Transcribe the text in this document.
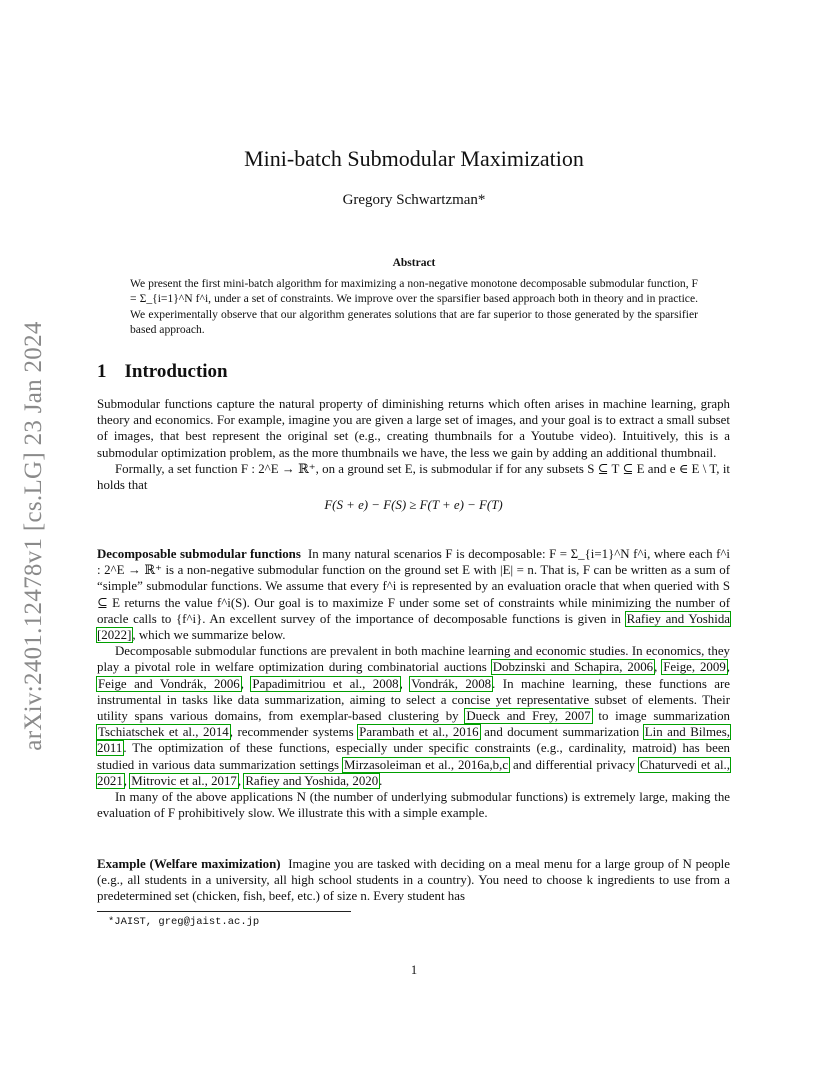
arXiv:2401.12478v1 [cs.LG] 23 Jan 2024
Mini-batch Submodular Maximization
Gregory Schwartzman*
Abstract
We present the first mini-batch algorithm for maximizing a non-negative monotone decomposable submodular function, F = Σ_{i=1}^N f^i, under a set of constraints. We improve over the sparsifier based approach both in theory and in practice. We experimentally observe that our algorithm generates solutions that are far superior to those generated by the sparsifier based approach.
1 Introduction

Submodular functions capture the natural property of diminishing returns which often arises in machine learning, graph theory and economics. For example, imagine you are given a large set of images, and your goal is to extract a small subset of images, that best represent the original set (e.g., creating thumbnails for a Youtube video). Intuitively, this is a submodular optimization problem, as the more thumbnails we have, the less we gain by adding an additional thumbnail.

Formally, a set function F : 2^E → ℝ⁺, on a ground set E, is submodular if for any subsets S ⊆ T ⊆ E and e ∈ E \ T, it holds that

F(S + e) − F(S) ≥ F(T + e) − F(T)

Decomposable submodular functions In many natural scenarios F is decomposable: F = Σ_{i=1}^N f^i, where each f^i : 2^E → ℝ⁺ is a non-negative submodular function on the ground set E with |E| = n. That is, F can be written as a sum of “simple” submodular functions. We assume that every f^i is represented by an evaluation oracle that when queried with S ⊆ E returns the value f^i(S). Our goal is to maximize F under some set of constraints while minimizing the number of oracle calls to {f^i}. An excellent survey of the importance of decomposable functions is given in Rafiey and Yoshida [2022], which we summarize below.

Decomposable submodular functions are prevalent in both machine learning and economic studies. In economics, they play a pivotal role in welfare optimization during combinatorial auctions Dobzinski and Schapira, 2006, Feige, 2009, Feige and Vondrák, 2006, Papadimitriou et al., 2008, Vondrák, 2008. In machine learning, these functions are instrumental in tasks like data summarization, aiming to select a concise yet representative subset of elements. Their utility spans various domains, from exemplar-based clustering by Dueck and Frey, 2007 to image summarization Tschiatschek et al., 2014, recommender systems Parambath et al., 2016 and document summarization Lin and Bilmes, 2011. The optimization of these functions, especially under specific constraints (e.g., cardinality, matroid) has been studied in various data summarization settings Mirzasoleiman et al., 2016a,b,c and differential privacy Chaturvedi et al., 2021, Mitrovic et al., 2017, Rafiey and Yoshida, 2020.

In many of the above applications N (the number of underlying submodular functions) is extremely large, making the evaluation of F prohibitively slow. We illustrate this with a simple example.

Example (Welfare maximization) Imagine you are tasked with deciding on a meal menu for a large group of N people (e.g., all students in a university, all high school students in a country). You need to choose k ingredients to use from a predetermined set (chicken, fish, beef, etc.) of size n. Every student has

*JAIST, greg@jaist.ac.jp
1
